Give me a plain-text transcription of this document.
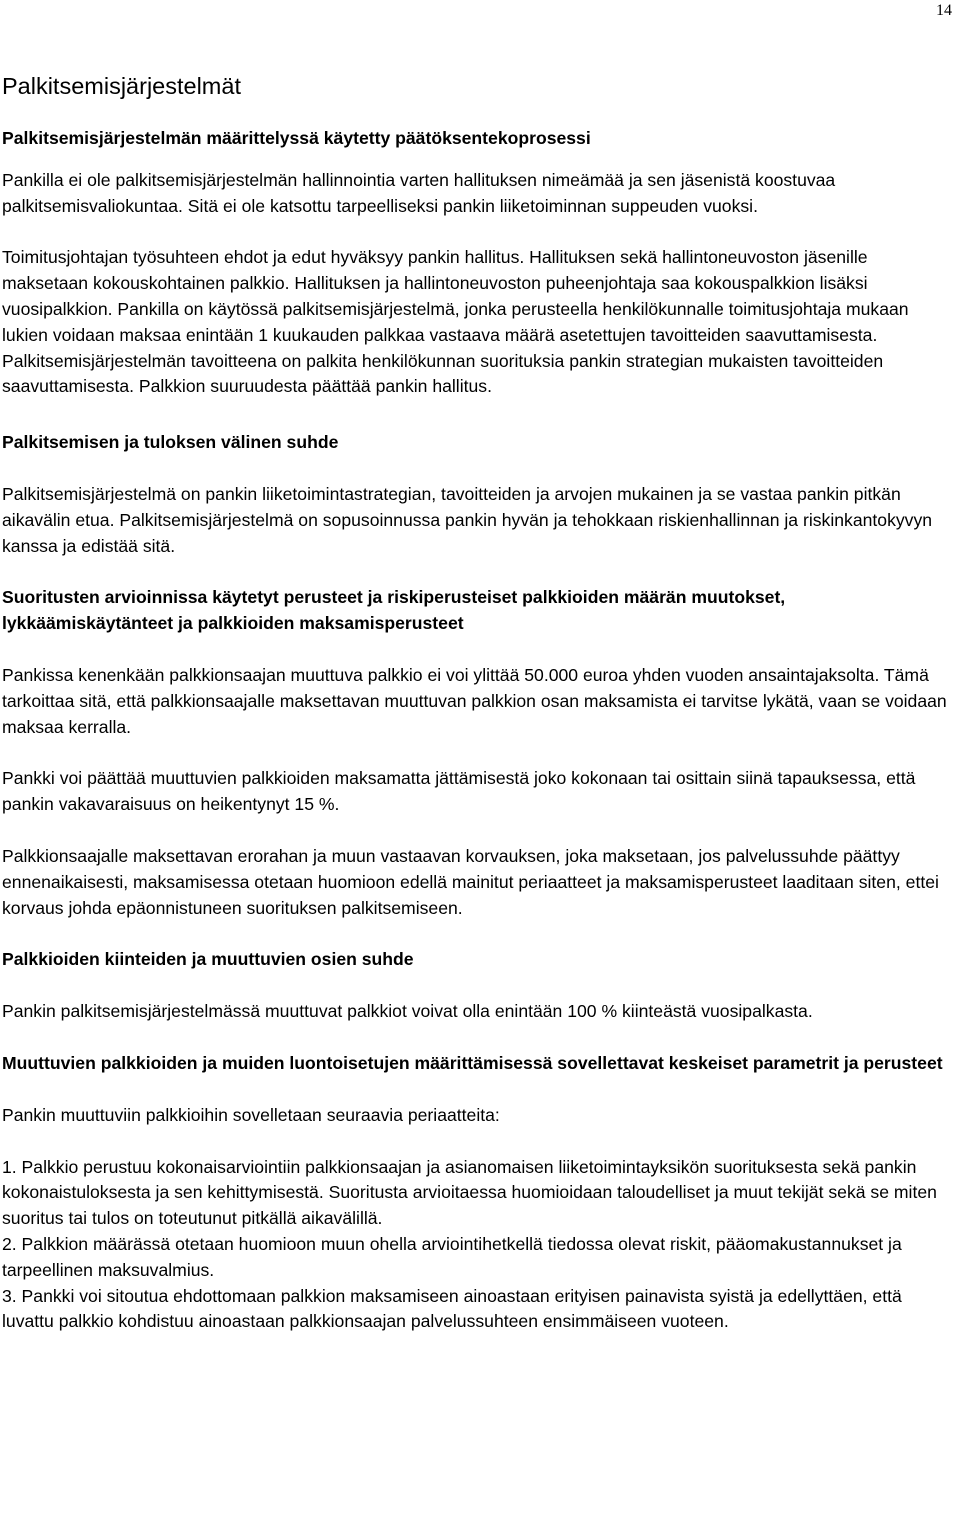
14

Palkitsemisjärjestelmät
Palkitsemisjärjestelmän määrittelyssä käytetty päätöksentekoprosessi

Pankilla ei ole palkitsemisjärjestelmän hallinnointia varten hallituksen nimeämää ja sen jäsenistä koostuvaa palkitsemisvaliokuntaa. Sitä ei ole katsottu tarpeelliseksi pankin liiketoiminnan suppeuden vuoksi.

Toimitusjohtajan työsuhteen ehdot ja edut hyväksyy pankin hallitus. Hallituksen sekä hallintoneuvoston jäsenille maksetaan kokouskohtainen palkkio. Hallituksen ja hallintoneuvoston puheenjohtaja saa kokouspalkkion lisäksi vuosipalkkion. Pankilla on käytössä palkitsemisjärjestelmä, jonka perusteella henkilökunnalle toimitusjohtaja mukaan lukien voidaan maksaa enintään 1 kuukauden palkkaa vastaava määrä asetettujen tavoitteiden saavuttamisesta. Palkitsemisjärjestelmän tavoitteena on palkita henkilökunnan suorituksia pankin strategian mukaisten tavoitteiden saavuttamisesta. Palkkion suuruudesta päättää pankin hallitus.

Palkitsemisen ja tuloksen välinen suhde

Palkitsemisjärjestelmä on pankin liiketoimintastrategian, tavoitteiden ja arvojen mukainen ja se vastaa pankin pitkän aikavälin etua. Palkitsemisjärjestelmä on sopusoinnussa pankin hyvän ja tehokkaan riskienhallinnan ja riskinkantokyvyn kanssa ja edistää sitä.

Suoritusten arvioinnissa käytetyt perusteet ja riskiperusteiset palkkioiden määrän muutokset, lykkäämiskäytänteet ja palkkioiden maksamisperusteet

Pankissa kenenkään palkkionsaajan muuttuva palkkio ei voi ylittää 50.000 euroa yhden vuoden ansaintajaksolta. Tämä tarkoittaa sitä, että palkkionsaajalle maksettavan muuttuvan palkkion osan maksamista ei tarvitse lykätä, vaan se voidaan maksaa kerralla.

Pankki voi päättää muuttuvien palkkioiden maksamatta jättämisestä joko kokonaan tai osittain siinä tapauksessa, että pankin vakavaraisuus on heikentynyt 15 %.

Palkkionsaajalle maksettavan erorahan ja muun vastaavan korvauksen, joka maksetaan, jos palvelussuhde päättyy ennenaikaisesti, maksamisessa otetaan huomioon edellä mainitut periaatteet ja maksamisperusteet laaditaan siten, ettei korvaus johda epäonnistuneen suorituksen palkitsemiseen.

Palkkioiden kiinteiden ja muuttuvien osien suhde

Pankin palkitsemisjärjestelmässä muuttuvat palkkiot voivat olla enintään 100 % kiinteästä vuosipalkasta.

Muuttuvien palkkioiden ja muiden luontoisetujen määrittämisessä sovellettavat keskeiset parametrit ja perusteet

Pankin muuttuviin palkkioihin sovelletaan seuraavia periaatteita:

1. Palkkio perustuu kokonaisarviointiin palkkionsaajan ja asianomaisen liiketoimintayksikön suorituksesta sekä pankin kokonaistuloksesta ja sen kehittymisestä. Suoritusta arvioitaessa huomioidaan taloudelliset ja muut tekijät sekä se miten suoritus tai tulos on toteutunut pitkällä aikavälillä.
2. Palkkion määrässä otetaan huomioon muun ohella arviointihetkellä tiedossa olevat riskit, pääomakustannukset ja tarpeellinen maksuvalmius.
3. Pankki voi sitoutua ehdottomaan palkkion maksamiseen ainoastaan erityisen painavista syistä ja edellyttäen, että luvattu palkkio kohdistuu ainoastaan palkkionsaajan palvelussuhteen ensimmäiseen vuoteen.
